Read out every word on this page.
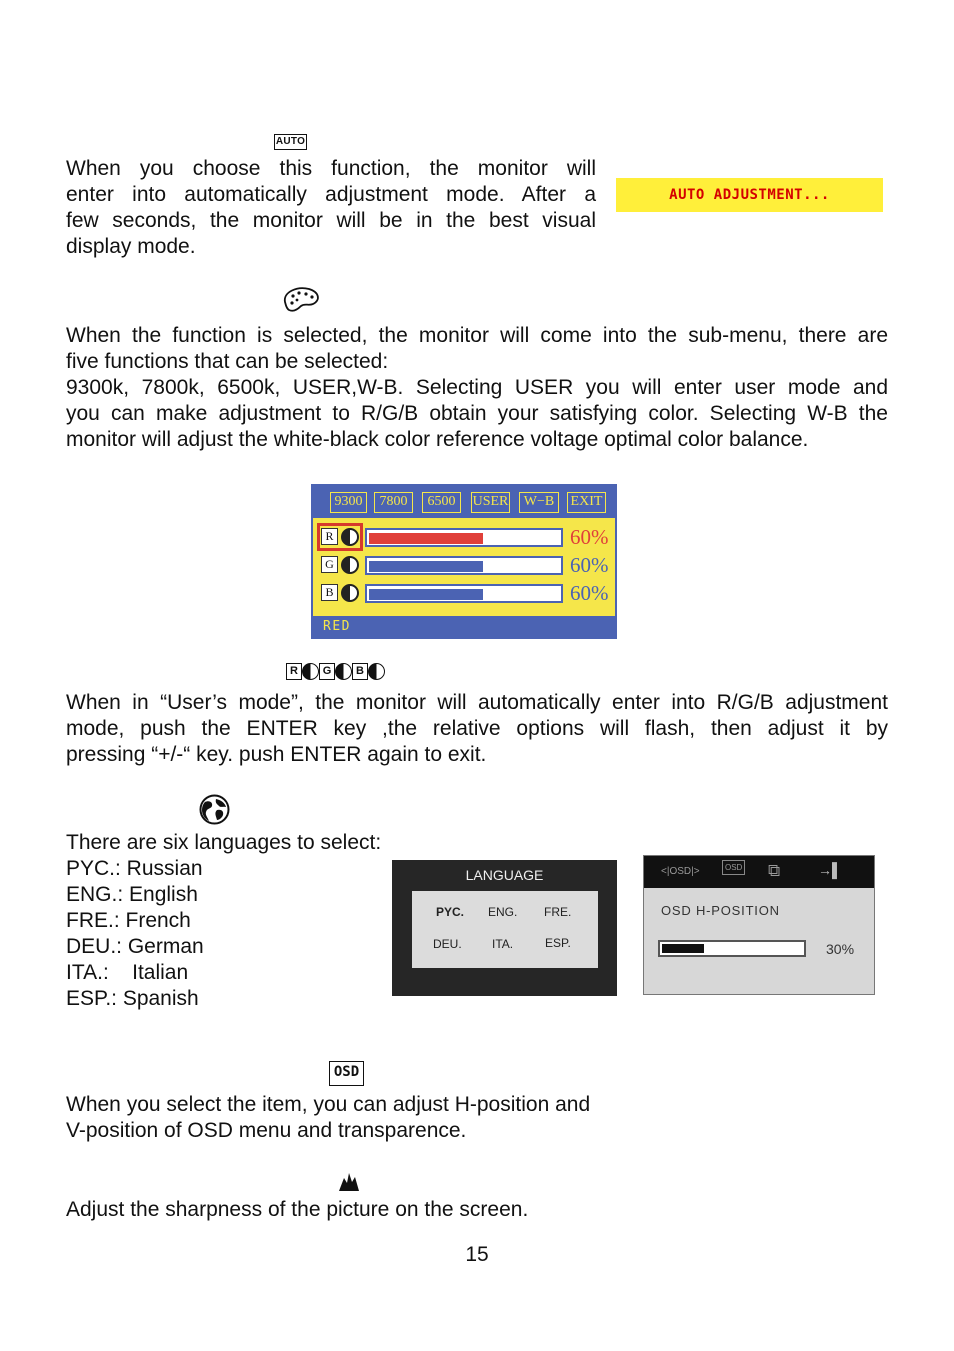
AUTO
When you choose this function, the monitor will
enter into automatically adjustment mode. After a
few seconds, the monitor will be in the best visual
display mode.
AUTO ADJUSTMENT...
When the function is selected, the monitor will come into the sub-menu, there are
five functions that can be selected:
9300k, 7800k, 6500k, USER,W-B. Selecting USER you will enter user mode and
you can make adjustment to R/G/B obtain your satisfying color. Selecting W-B the
monitor will adjust the white-black color reference voltage optimal color balance.
9300	7800	6500	USER	W−B	EXIT
R	60%
G	60%
B	60%
RED
R	G	B
When in “User’s mode”, the monitor will automatically enter into R/G/B adjustment
mode, push the ENTER key ,the relative options will flash, then adjust it by
pressing “+/-“ key. push ENTER again to exit.
There are six languages to select:
PYC.: Russian
ENG.: English
FRE.: French
DEU.: German
ITA.:    Italian
ESP.: Spanish
LANGUAGE
PYC. ENG. FRE.
DEU.	ITA.	ESP.
<|OSD|>	OSD ⧉	→▌
OSD H-POSITION
30%
OSD
When you select the item, you can adjust H-position and
V-position of OSD menu and transparence.
Adjust the sharpness of the picture on the screen.
15
